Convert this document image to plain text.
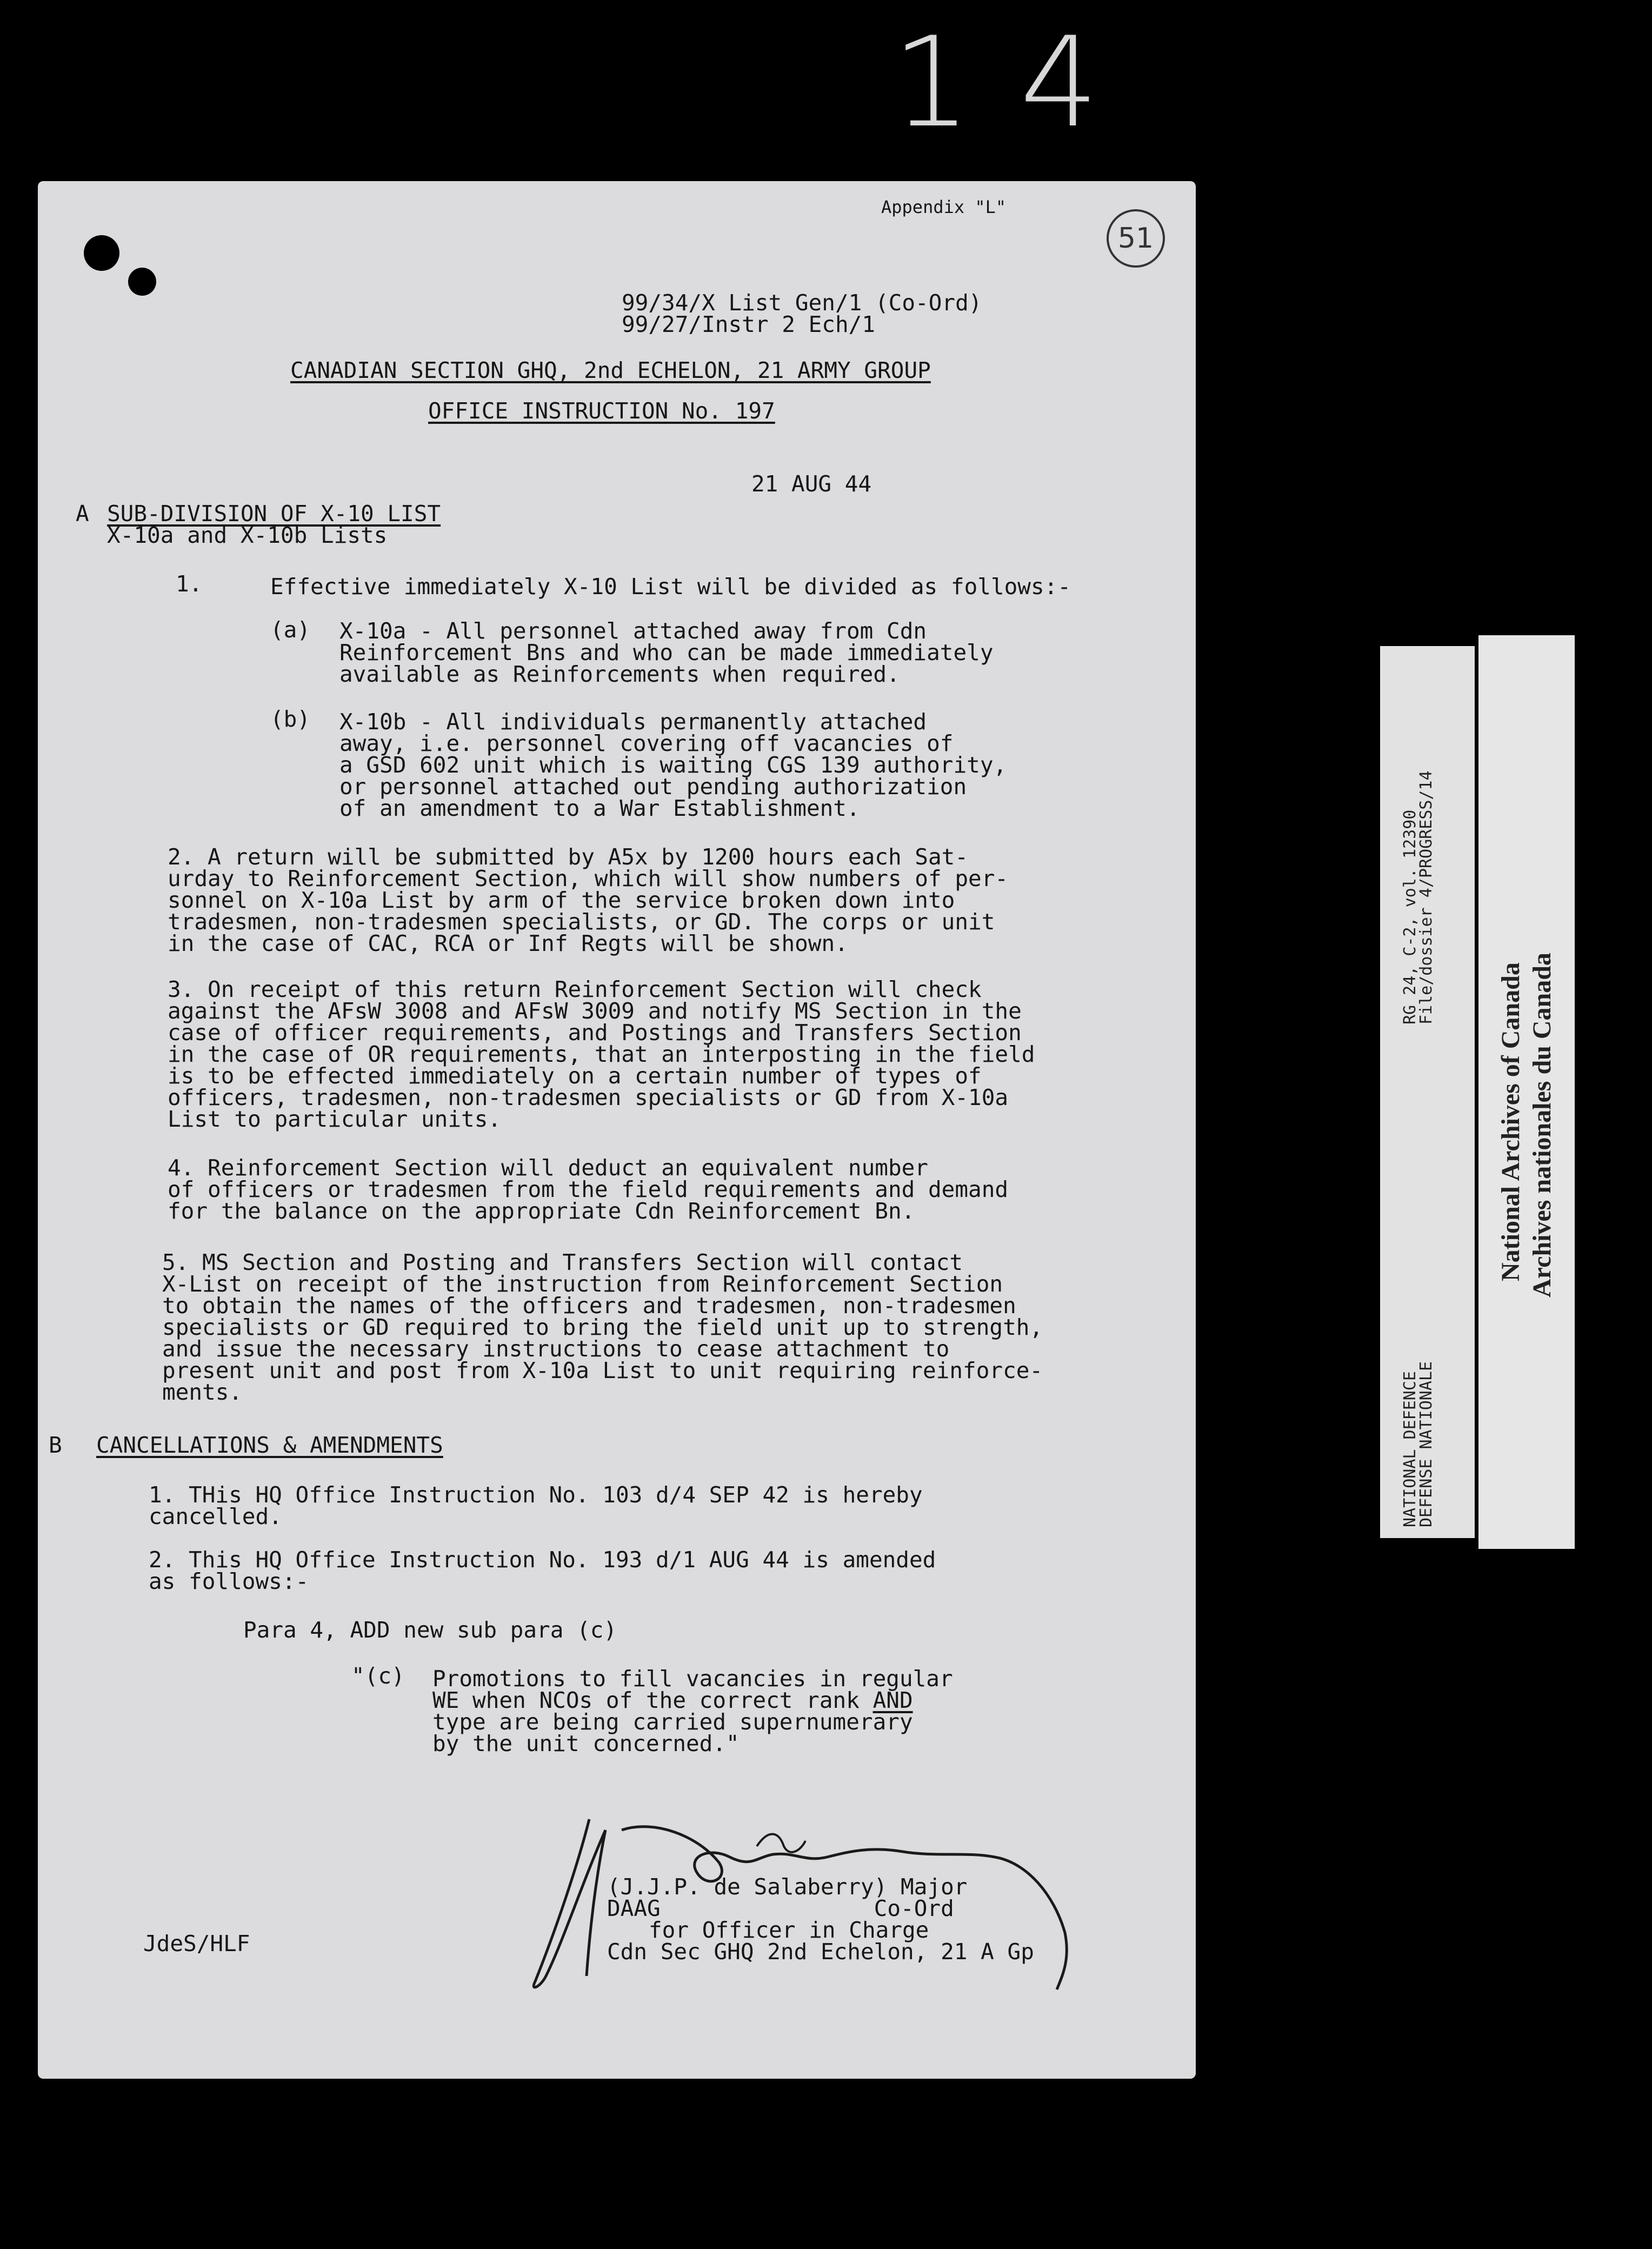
14
Appendix "L"
51
99/34/X List Gen/1 (Co-Ord)
99/27/Instr 2 Ech/1
CANADIAN SECTION GHQ, 2nd ECHELON, 21 ARMY GROUP
OFFICE INSTRUCTION No. 197
21 AUG 44
A SUB-DIVISION OF X-10 LIST
X-10a and X-10b Lists
1.	Effective immediately X-10 List will be divided as follows:-
(a) X-10a - All personnel attached away from Cdn
Reinforcement Bns and who can be made immediately
available as Reinforcements when required.
(b) X-10b - All individuals permanently attached
away, i.e. personnel covering off vacancies of
a GSD 602 unit which is waiting CGS 139 authority,
or personnel attached out pending authorization
of an amendment to a War Establishment.
2. A return will be submitted by A5x by 1200 hours each Sat-
urday to Reinforcement Section, which will show numbers of per-
sonnel on X-10a List by arm of the service broken down into
tradesmen, non-tradesmen specialists, or GD. The corps or unit
in the case of CAC, RCA or Inf Regts will be shown.
3. On receipt of this return Reinforcement Section will check
against the AFsW 3008 and AFsW 3009 and notify MS Section in the
case of officer requirements, and Postings and Transfers Section
in the case of OR requirements, that an interposting in the field
is to be effected immediately on a certain number of types of
officers, tradesmen, non-tradesmen specialists or GD from X-10a
List to particular units.
4. Reinforcement Section will deduct an equivalent number
of officers or tradesmen from the field requirements and demand
for the balance on the appropriate Cdn Reinforcement Bn.
5. MS Section and Posting and Transfers Section will contact
X-List on receipt of the instruction from Reinforcement Section
to obtain the names of the officers and tradesmen, non-tradesmen
specialists or GD required to bring the field unit up to strength,
and issue the necessary instructions to cease attachment to
present unit and post from X-10a List to unit requiring reinforce-
ments.
B CANCELLATIONS & AMENDMENTS
1. THis HQ Office Instruction No. 103 d/4 SEP 42 is hereby
cancelled.
2. This HQ Office Instruction No. 193 d/1 AUG 44 is amended
as follows:-
Para 4, ADD new sub para (c)
"(c) Promotions to fill vacancies in regular
WE when NCOs of the correct rank AND
type are being carried supernumerary
by the unit concerned."
(J.J.P. de Salaberry) Major
DAAG                Co-Ord
for Officer in Charge
Cdn Sec GHQ 2nd Echelon, 21 A Gp
JdeS/HLF
NATIONAL DEFENCE
DEFENSE NATIONALE
RG 24, C-2, vol. 12390
File/dossier 4/PROGRESS/14
National Archives of Canada Archives nationales du Canada
